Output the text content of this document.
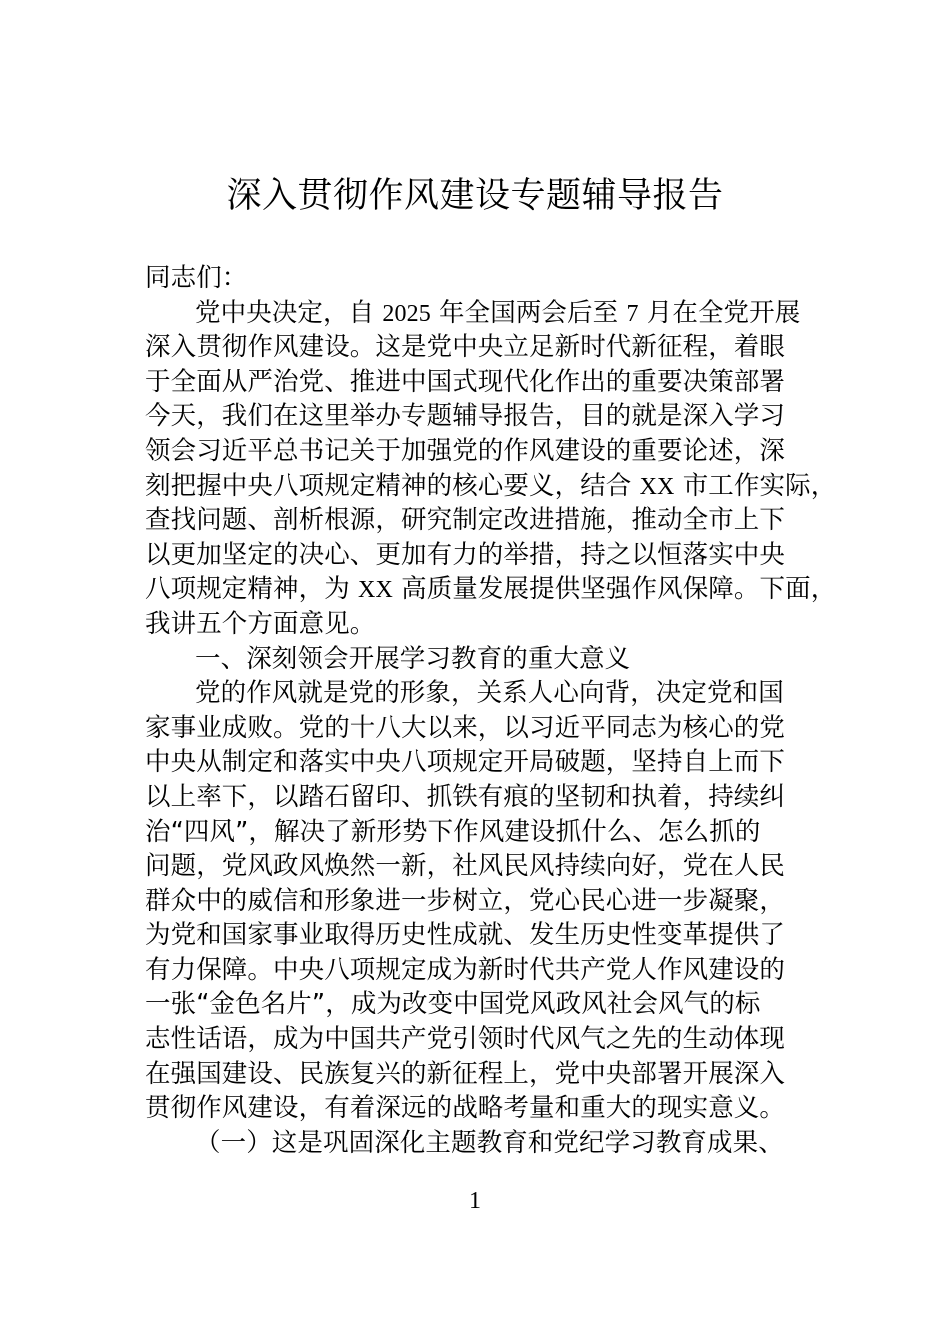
深入贯彻作风建设专题辅导报告
同志们：
党中央决定，自 2025 年全国两会后至 7 月在全党开展
深入贯彻作风建设。这是党中央立足新时代新征程，着眼
于全面从严治党、推进中国式现代化作出的重要决策部署
今天，我们在这里举办专题辅导报告，目的就是深入学习
领会习近平总书记关于加强党的作风建设的重要论述，深
刻把握中央八项规定精神的核心要义，结合 XX 市工作实际，
查找问题、剖析根源，研究制定改进措施，推动全市上下
以更加坚定的决心、更加有力的举措，持之以恒落实中央
八项规定精神，为 XX 高质量发展提供坚强作风保障。下面，
我讲五个方面意见。
一、深刻领会开展学习教育的重大意义
党的作风就是党的形象，关系人心向背，决定党和国
家事业成败。党的十八大以来，以习近平同志为核心的党
中央从制定和落实中央八项规定开局破题，坚持自上而下
以上率下，以踏石留印、抓铁有痕的坚韧和执着，持续纠
治“四风”，解决了新形势下作风建设抓什么、怎么抓的
问题，党风政风焕然一新，社风民风持续向好，党在人民
群众中的威信和形象进一步树立，党心民心进一步凝聚，
为党和国家事业取得历史性成就、发生历史性变革提供了
有力保障。中央八项规定成为新时代共产党人作风建设的
一张“金色名片”，成为改变中国党风政风社会风气的标
志性话语，成为中国共产党引领时代风气之先的生动体现
在强国建设、民族复兴的新征程上，党中央部署开展深入
贯彻作风建设，有着深远的战略考量和重大的现实意义。
（一）这是巩固深化主题教育和党纪学习教育成果、
1
